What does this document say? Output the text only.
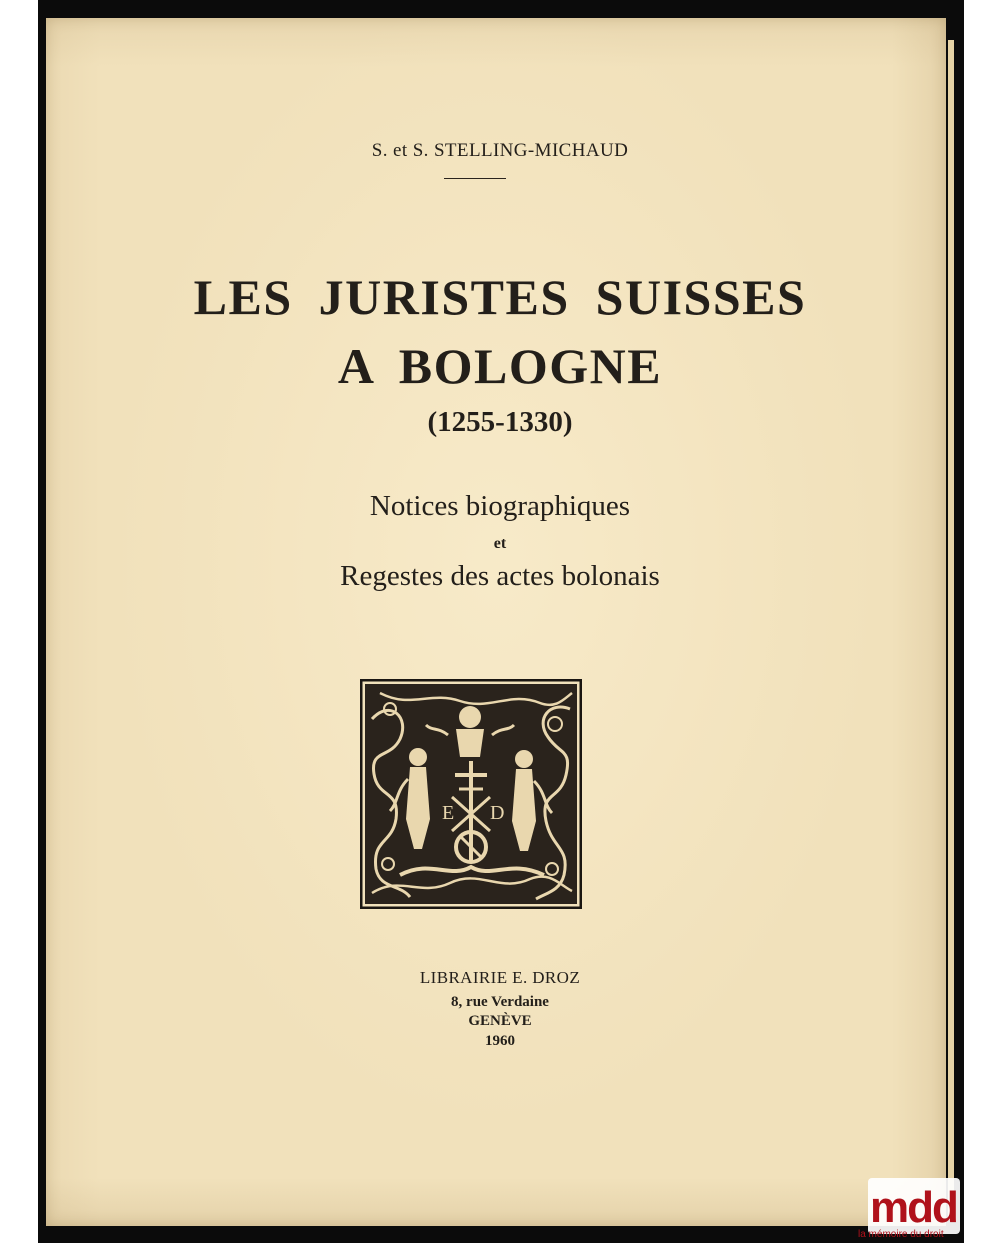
S. et S. STELLING-MICHAUD
LES JURISTES SUISSES
A BOLOGNE
(1255-1330)
Notices biographiques
et
Regestes des actes bolonais
E D
LIBRAIRIE E. DROZ
8, rue Verdaine
GENÈVE
1960
mdd
la mémoire du droit
